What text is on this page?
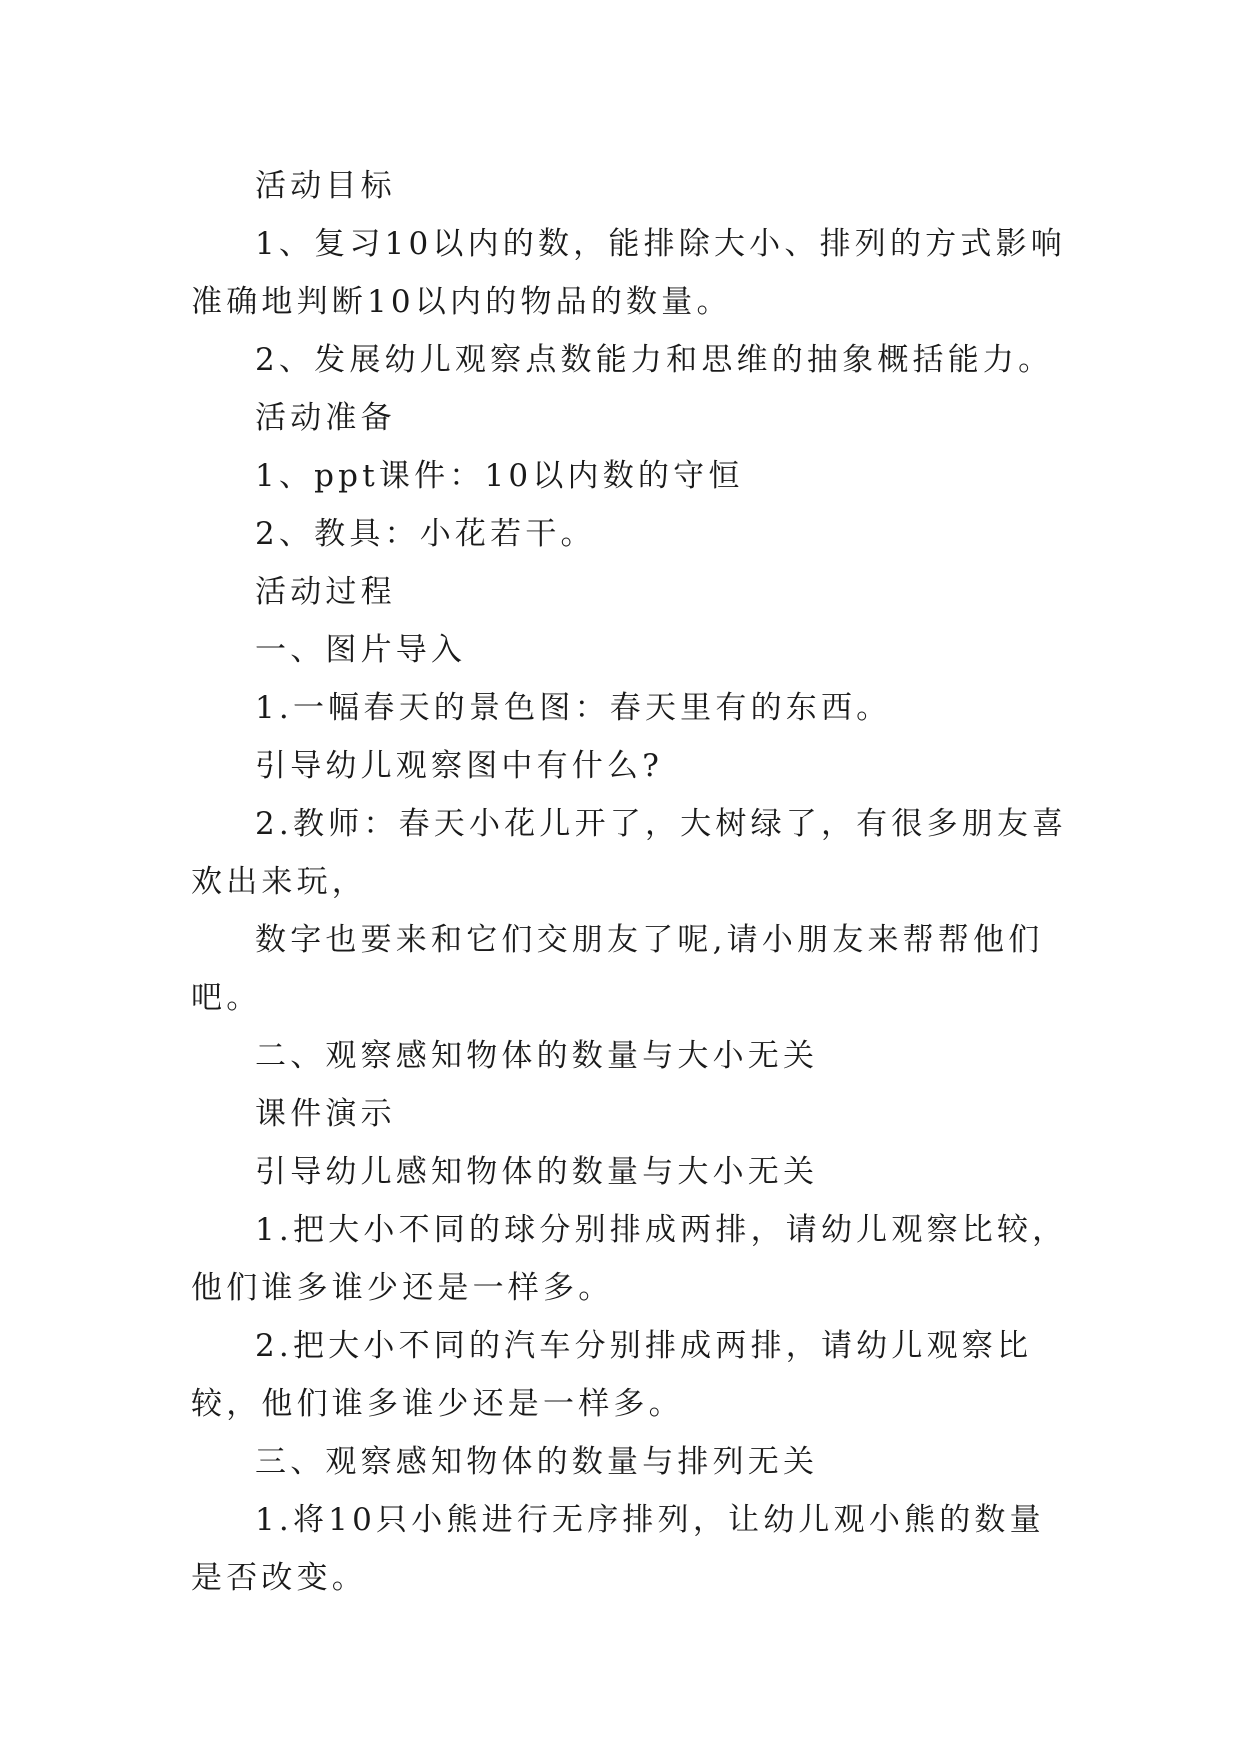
活动目标

1、复习10以内的数，能排除大小、排列的方式影响准确地判断10以内的物品的数量。

2、发展幼儿观察点数能力和思维的抽象概括能力。

活动准备

1、ppt课件：10以内数的守恒

2、教具：小花若干。

活动过程

一、图片导入

1.一幅春天的景色图：春天里有的东西。

引导幼儿观察图中有什么?

2.教师：春天小花儿开了，大树绿了，有很多朋友喜欢出来玩，

数字也要来和它们交朋友了呢,请小朋友来帮帮他们吧。

二、观察感知物体的数量与大小无关

课件演示

引导幼儿感知物体的数量与大小无关

1.把大小不同的球分别排成两排，请幼儿观察比较，他们谁多谁少还是一样多。

2.把大小不同的汽车分别排成两排，请幼儿观察比较，他们谁多谁少还是一样多。

三、观察感知物体的数量与排列无关

1.将10只小熊进行无序排列，让幼儿观小熊的数量是否改变。
